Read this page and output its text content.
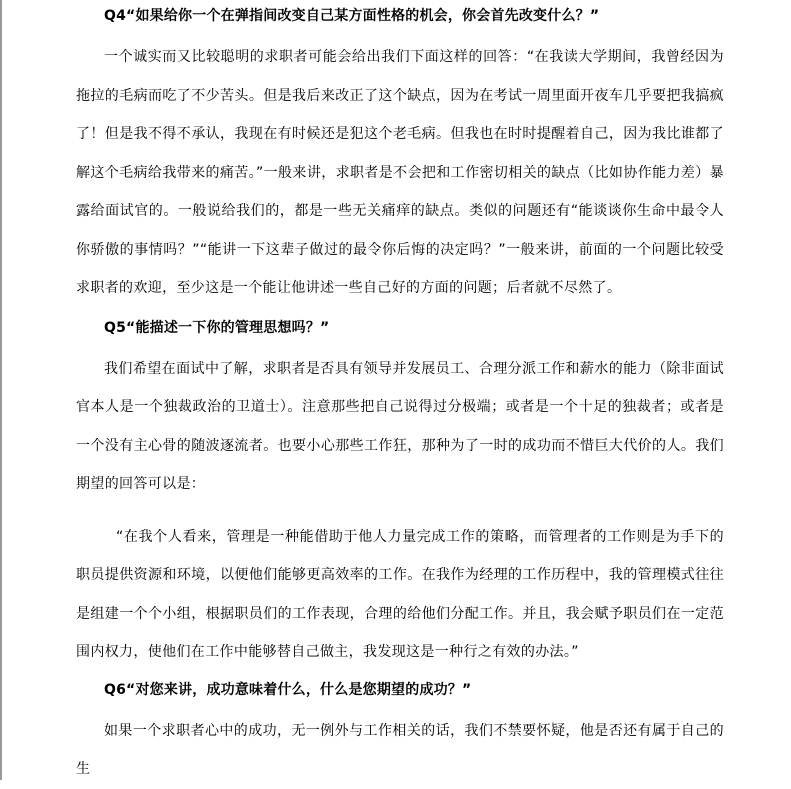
Q4“如果给你一个在弹指间改变自己某方面性格的机会，你会首先改变什么？”

一个诚实而又比较聪明的求职者可能会给出我们下面这样的回答：“在我读大学期间，我曾经因为拖拉的毛病而吃了不少苦头。但是我后来改正了这个缺点，因为在考试一周里面开夜车几乎要把我搞疯了！但是我不得不承认，我现在有时候还是犯这个老毛病。但我也在时时提醒着自己，因为我比谁都了解这个毛病给我带来的痛苦。”一般来讲，求职者是不会把和工作密切相关的缺点（比如协作能力差）暴露给面试官的。一般说给我们的，都是一些无关痛痒的缺点。类似的问题还有“能谈谈你生命中最令人你骄傲的事情吗？”“能讲一下这辈子做过的最令你后悔的决定吗？”一般来讲，前面的一个问题比较受求职者的欢迎，至少这是一个能让他讲述一些自己好的方面的问题；后者就不尽然了。

Q5“能描述一下你的管理思想吗？”

我们希望在面试中了解，求职者是否具有领导并发展员工、合理分派工作和薪水的能力（除非面试官本人是一个独裁政治的卫道士）。注意那些把自己说得过分极端；或者是一个十足的独裁者；或者是一个没有主心骨的随波逐流者。也要小心那些工作狂，那种为了一时的成功而不惜巨大代价的人。我们期望的回答可以是：

“在我个人看来，管理是一种能借助于他人力量完成工作的策略，而管理者的工作则是为手下的职员提供资源和环境，以便他们能够更高效率的工作。在我作为经理的工作历程中，我的管理模式往往是组建一个个小组，根据职员们的工作表现，合理的给他们分配工作。并且，我会赋予职员们在一定范围内权力，使他们在工作中能够替自己做主，我发现这是一种行之有效的办法。”

Q6“对您来讲，成功意味着什么，什么是您期望的成功？”

如果一个求职者心中的成功，无一例外与工作相关的话，我们不禁要怀疑，他是否还有属于自己的生
